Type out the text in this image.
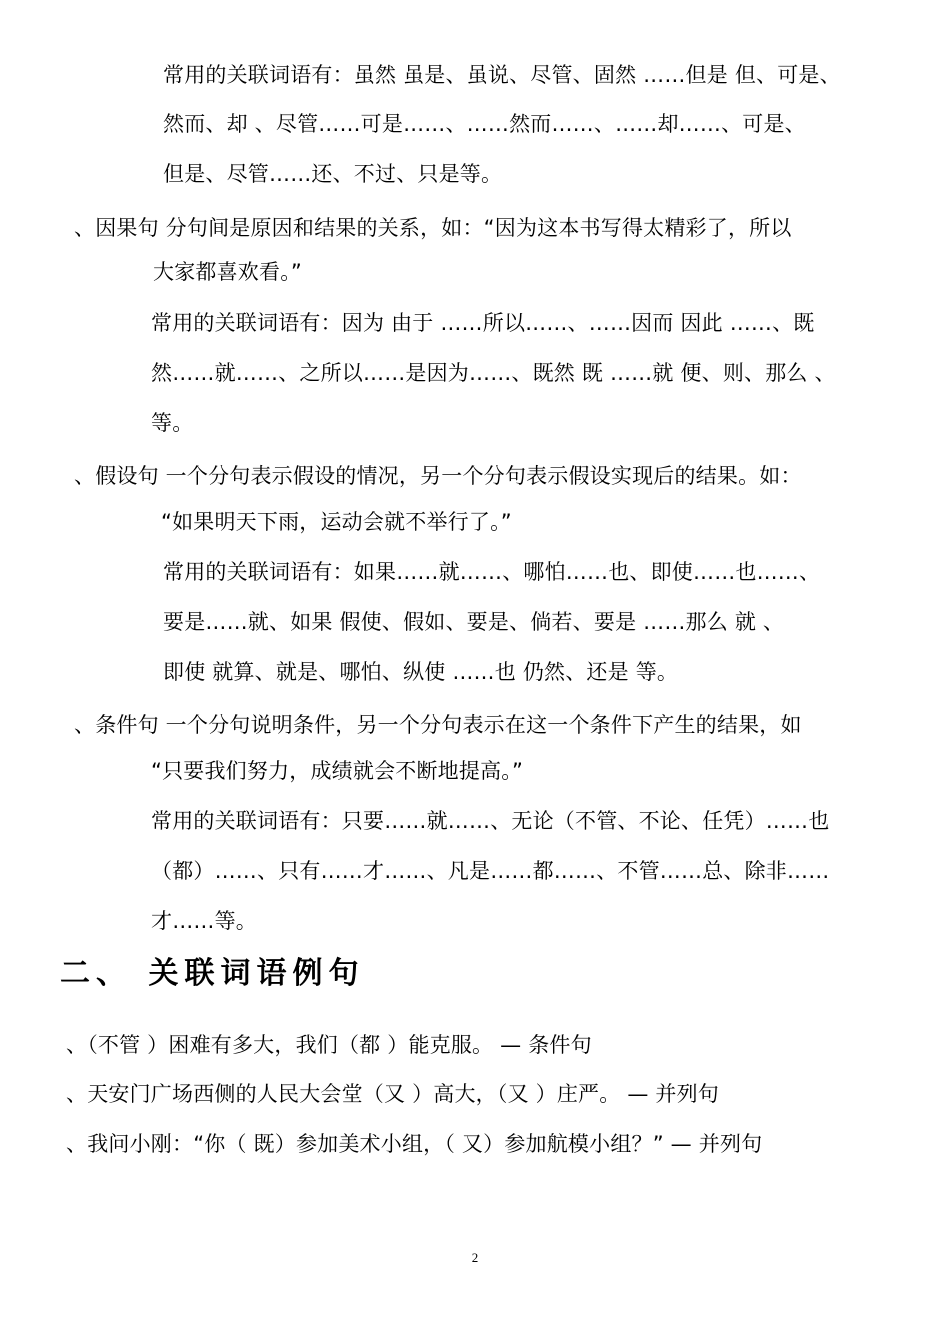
常用的关联词语有：虽然 虽是、虽说、尽管、固然 ……但是 但、可是、
然而、却 、尽管……可是……、……然而……、……却……、可是、
但是、尽管……还、不过、只是等。
、因果句 分句间是原因和结果的关系，如：“因为这本书写得太精彩了，所以
大家都喜欢看。”
常用的关联词语有：因为 由于 ……所以……、……因而 因此 ……、既
然……就……、之所以……是因为……、既然 既 ……就 便、则、那么 、
等。
、假设句 一个分句表示假设的情况，另一个分句表示假设实现后的结果。如：
“如果明天下雨，运动会就不举行了。”
常用的关联词语有：如果……就……、哪怕……也、即使……也……、
要是……就、如果 假使、假如、要是、倘若、要是 ……那么 就 、
即使 就算、就是、哪怕、纵使 ……也 仍然、还是 等。
、条件句 一个分句说明条件，另一个分句表示在这一个条件下产生的结果，如
“只要我们努力，成绩就会不断地提高。”
常用的关联词语有：只要……就……、无论（不管、不论、任凭）……也
（都）……、只有……才……、凡是……都……、不管……总、除非……
才……等。
二、 关联词语例句
、（不管 ）困难有多大，我们（都 ）能克服。 — 条件句
、天安门广场西侧的人民大会堂（又 ）高大，（又 ）庄严。 — 并列句
、我问小刚：“你（ 既）参加美术小组，（ 又）参加航模小组？” — 并列句
2
